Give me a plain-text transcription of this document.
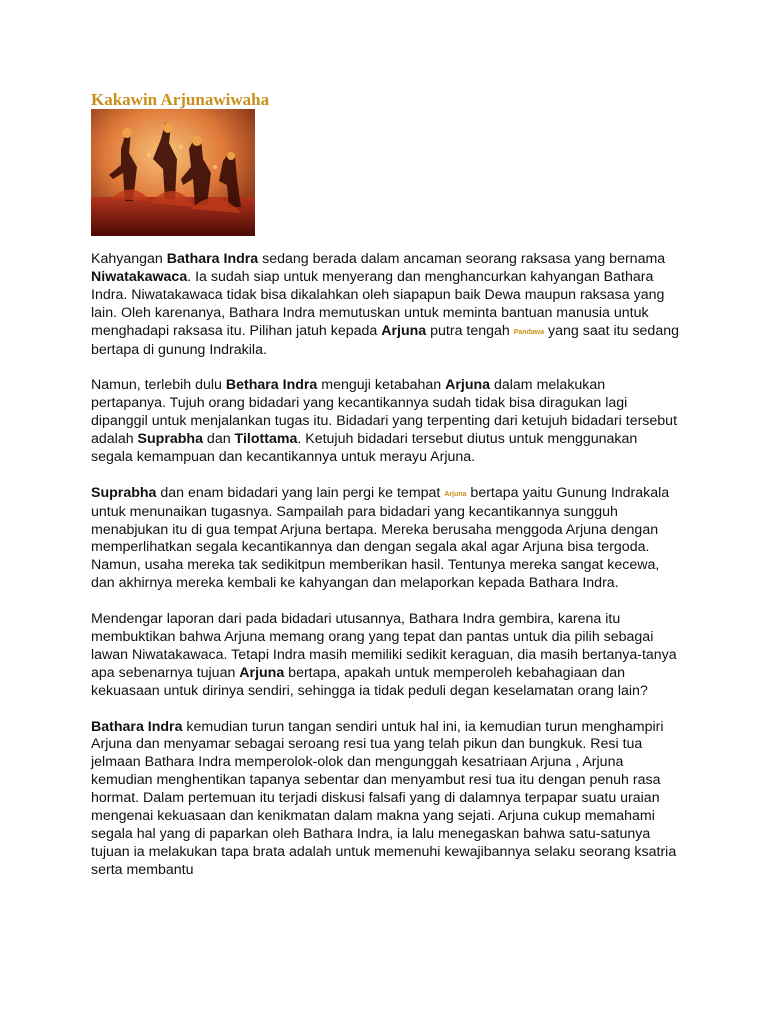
Kakawin Arjunawiwaha

Kahyangan Bathara Indra sedang berada dalam ancaman seorang raksasa yang bernama Niwatakawaca. Ia sudah siap untuk menyerang dan menghancurkan kahyangan Bathara Indra. Niwatakawaca tidak bisa dikalahkan oleh siapapun baik Dewa maupun raksasa yang lain. Oleh karenanya, Bathara Indra memutuskan untuk meminta bantuan manusia untuk menghadapi raksasa itu. Pilihan jatuh kepada Arjuna putra tengah Pandawa yang saat itu sedang bertapa di gunung Indrakila.

Namun, terlebih dulu Bethara Indra menguji ketabahan Arjuna dalam melakukan pertapanya. Tujuh orang bidadari yang kecantikannya sudah tidak bisa diragukan lagi dipanggil untuk menjalankan tugas itu. Bidadari yang terpenting dari ketujuh bidadari tersebut adalah Suprabha dan Tilottama. Ketujuh bidadari tersebut diutus untuk menggunakan segala kemampuan dan kecantikannya untuk merayu Arjuna.

Suprabha dan enam bidadari yang lain pergi ke tempat Arjuna bertapa yaitu Gunung Indrakala untuk menunaikan tugasnya. Sampailah para bidadari yang kecantikannya sungguh menabjukan itu di gua tempat Arjuna bertapa. Mereka berusaha menggoda Arjuna dengan memperlihatkan segala kecantikannya dan dengan segala akal agar Arjuna bisa tergoda. Namun, usaha mereka tak sedikitpun memberikan hasil. Tentunya mereka sangat kecewa, dan akhirnya mereka kembali ke kahyangan dan melaporkan kepada Bathara Indra.

Mendengar laporan dari pada bidadari utusannya, Bathara Indra gembira, karena itu membuktikan bahwa Arjuna memang orang yang tepat dan pantas untuk dia pilih sebagai lawan Niwatakawaca. Tetapi Indra masih memiliki sedikit keraguan, dia masih bertanya-tanya apa sebenarnya tujuan Arjuna bertapa, apakah untuk memperoleh kebahagiaan dan kekuasaan untuk dirinya sendiri, sehingga ia tidak peduli degan keselamatan orang lain?

Bathara Indra kemudian turun tangan sendiri untuk hal ini, ia kemudian turun menghampiri Arjuna dan menyamar sebagai seroang resi tua yang telah pikun dan bungkuk. Resi tua jelmaan Bathara Indra memperolok-olok dan mengunggah kesatriaan Arjuna , Arjuna kemudian menghentikan tapanya sebentar dan menyambut resi tua itu dengan penuh rasa hormat. Dalam pertemuan itu terjadi diskusi falsafi yang di dalamnya terpapar suatu uraian mengenai kekuasaan dan kenikmatan dalam makna yang sejati. Arjuna cukup memahami segala hal yang di paparkan oleh Bathara Indra, ia lalu menegaskan bahwa satu-satunya tujuan ia melakukan tapa brata adalah untuk memenuhi kewajibannya selaku seorang ksatria serta membantu
